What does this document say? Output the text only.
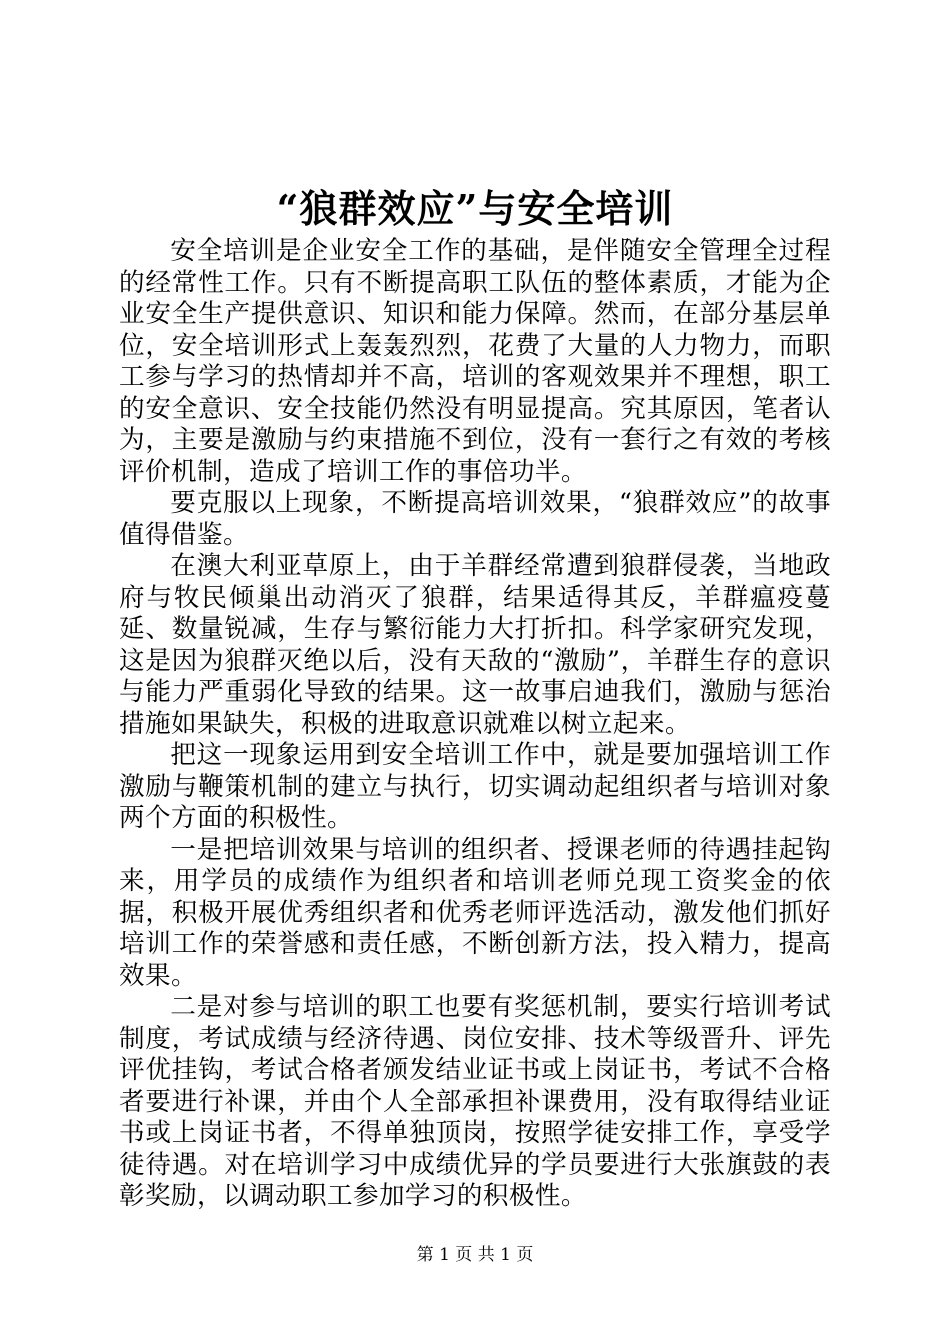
“狼群效应”与安全培训

安全培训是企业安全工作的基础，是伴随安全管理全过程的经常性工作。只有不断提高职工队伍的整体素质，才能为企业安全生产提供意识、知识和能力保障。然而，在部分基层单位，安全培训形式上轰轰烈烈，花费了大量的人力物力，而职工参与学习的热情却并不高，培训的客观效果并不理想，职工的安全意识、安全技能仍然没有明显提高。究其原因，笔者认为，主要是激励与约束措施不到位，没有一套行之有效的考核评价机制，造成了培训工作的事倍功半。

要克服以上现象，不断提高培训效果，“狼群效应”的故事值得借鉴。

在澳大利亚草原上，由于羊群经常遭到狼群侵袭，当地政府与牧民倾巢出动消灭了狼群，结果适得其反，羊群瘟疫蔓延、数量锐减，生存与繁衍能力大打折扣。科学家研究发现，这是因为狼群灭绝以后，没有天敌的“激励”，羊群生存的意识与能力严重弱化导致的结果。这一故事启迪我们，激励与惩治措施如果缺失，积极的进取意识就难以树立起来。

把这一现象运用到安全培训工作中，就是要加强培训工作激励与鞭策机制的建立与执行，切实调动起组织者与培训对象两个方面的积极性。

一是把培训效果与培训的组织者、授课老师的待遇挂起钩来，用学员的成绩作为组织者和培训老师兑现工资奖金的依据，积极开展优秀组织者和优秀老师评选活动，激发他们抓好培训工作的荣誉感和责任感，不断创新方法，投入精力，提高效果。

二是对参与培训的职工也要有奖惩机制，要实行培训考试制度，考试成绩与经济待遇、岗位安排、技术等级晋升、评先评优挂钩，考试合格者颁发结业证书或上岗证书，考试不合格者要进行补课，并由个人全部承担补课费用，没有取得结业证书或上岗证书者，不得单独顶岗，按照学徒安排工作，享受学徒待遇。对在培训学习中成绩优异的学员要进行大张旗鼓的表彰奖励，以调动职工参加学习的积极性。

第 1 页 共 1 页
